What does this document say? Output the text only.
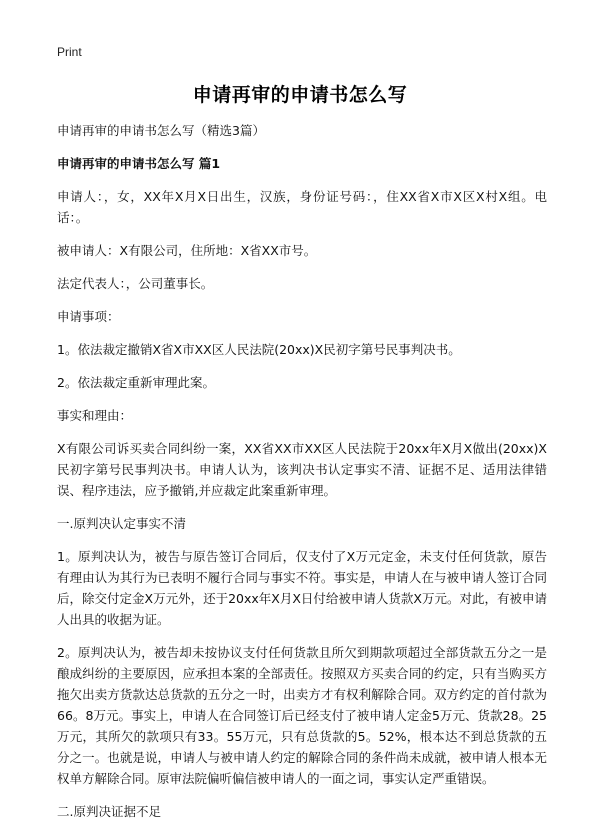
Print
申请再审的申请书怎么写

申请再审的申请书怎么写（精选3篇）

申请再审的申请书怎么写 篇1

申请人：，女，XX年X月X日出生，汉族，身份证号码：，住XX省X市X区X村X组。电话：。

被申请人：X有限公司，住所地：X省XX市号。

法定代表人：，公司董事长。

申请事项：

1。依法裁定撤销X省X市XX区人民法院(20xx)X民初字第号民事判决书。

2。依法裁定重新审理此案。

事实和理由：

X有限公司诉买卖合同纠纷一案，XX省XX市XX区人民法院于20xx年X月X做出(20xx)X民初字第号民事判决书。申请人认为，该判决书认定事实不清、证据不足、适用法律错误、程序违法，应予撤销,并应裁定此案重新审理。

一.原判决认定事实不清

1。原判决认为，被告与原告签订合同后，仅支付了X万元定金，未支付任何货款，原告有理由认为其行为已表明不履行合同与事实不符。事实是，申请人在与被申请人签订合同后，除交付定金X万元外，还于20xx年X月X日付给被申请人货款X万元。对此，有被申请人出具的收据为证。

2。原判决认为，被告却未按协议支付任何货款且所欠到期款项超过全部货款五分之一是酿成纠纷的主要原因，应承担本案的全部责任。按照双方买卖合同的约定，只有当购买方拖欠出卖方货款达总货款的五分之一时，出卖方才有权利解除合同。双方约定的首付款为66。8万元。事实上，申请人在合同签订后已经支付了被申请人定金5万元、货款28。25万元，其所欠的款项只有33。55万元，只有总货款的5。52%，根本达不到总货款的五分之一。也就是说，申请人与被申请人约定的解除合同的条件尚未成就，被申请人根本无权单方解除合同。原审法院偏听偏信被申请人的一面之词，事实认定严重错误。

二.原判决证据不足
